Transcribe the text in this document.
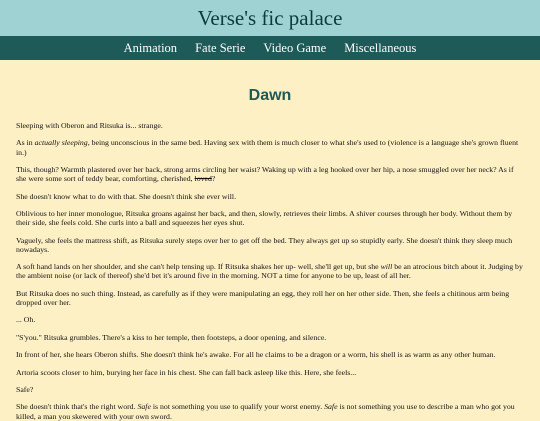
Verse's fic palace
Animation Fate Serie Video Game Miscellaneous
Dawn

Sleeping with Oberon and Ritsuka is... strange.

As in actually sleeping, being unconscious in the same bed. Having sex with them is much closer to what she's used to (violence is a language she's grown fluent in.)

This, though? Warmth plastered over her back, strong arms circling her waist? Waking up with a leg hooked over her hip, a nose smuggled over her neck? As if she were some sort of teddy bear, comforting, cherished, loved?

She doesn't know what to do with that. She doesn't think she ever will.

Oblivious to her inner monologue, Ritsuka groans against her back, and then, slowly, retrieves their limbs. A shiver courses through her body. Without them by their side, she feels cold. She curls into a ball and squeezes her eyes shut.

Vaguely, she feels the mattress shift, as Ritsuka surely steps over her to get off the bed. They always get up so stupidly early. She doesn't think they sleep much nowadays.

A soft hand lands on her shoulder, and she can't help tensing up. If Ritsuka shakes her up- well, she'll get up, but she will be an atrocious bitch about it. Judging by the ambient noise (or lack of thereof) she'd bet it's around five in the morning. NOT a time for anyone to be up, least of all her.

But Ritsuka does no such thing. Instead, as carefully as if they were manipulating an egg, they roll her on her other side. Then, she feels a chitinous arm being dropped over her.

... Oh.

"S'you." Ritsuka grumbles. There's a kiss to her temple, then footsteps, a door opening, and silence.

In front of her, she hears Oberon shifts. She doesn't think he's awake. For all he claims to be a dragon or a worm, his shell is as warm as any other human.

Artoria scoots closer to him, burying her face in his chest. She can fall back asleep like this. Here, she feels...

Safe?

She doesn't think that's the right word. Safe is not something you use to qualify your worst enemy. Safe is not something you use to describe a man who got you killed, a man you skewered with your own sword.
